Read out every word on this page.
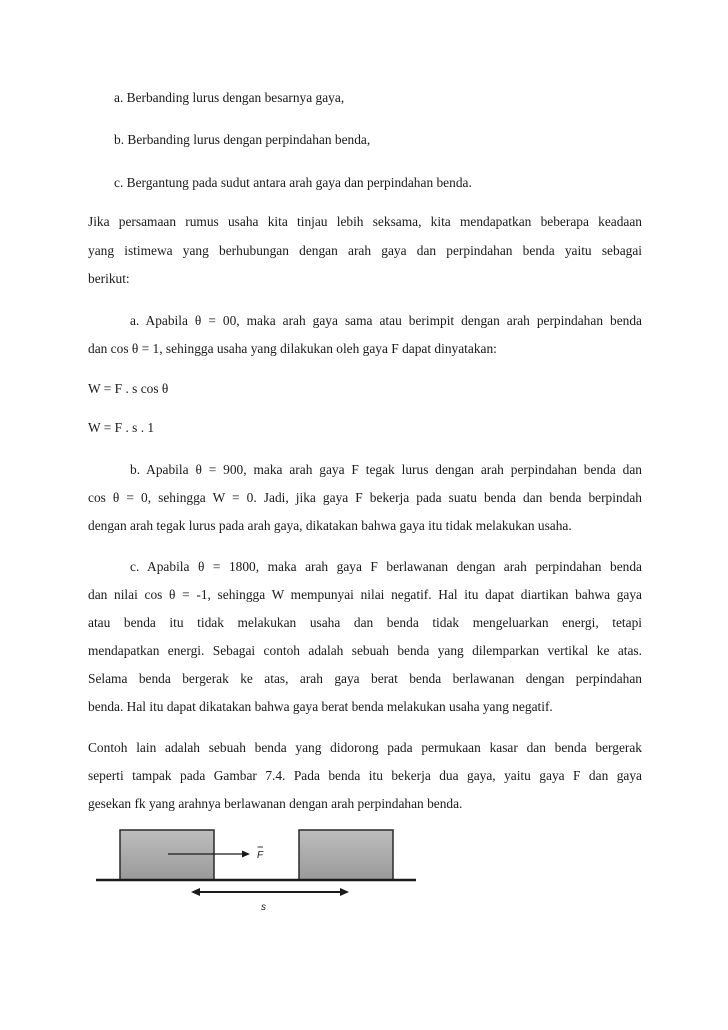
a. Berbanding lurus dengan besarnya gaya,
b. Berbanding lurus dengan perpindahan benda,
c. Bergantung pada sudut antara arah gaya dan perpindahan benda.
Jika persamaan rumus usaha kita tinjau lebih seksama, kita mendapatkan beberapa keadaan
yang istimewa yang berhubungan dengan arah gaya dan perpindahan benda yaitu sebagai
berikut:
a. Apabila θ = 00, maka arah gaya sama atau berimpit dengan arah perpindahan benda
dan cos θ = 1, sehingga usaha yang dilakukan oleh gaya F dapat dinyatakan:
W = F . s cos θ
W = F . s . 1
b. Apabila θ = 900, maka arah gaya F tegak lurus dengan arah perpindahan benda dan
cos θ = 0, sehingga W = 0. Jadi, jika gaya F bekerja pada suatu benda dan benda berpindah
dengan arah tegak lurus pada arah gaya, dikatakan bahwa gaya itu tidak melakukan usaha.
c. Apabila θ = 1800, maka arah gaya F berlawanan dengan arah perpindahan benda
dan nilai cos θ = -1, sehingga W mempunyai nilai negatif. Hal itu dapat diartikan bahwa gaya
atau benda itu tidak melakukan usaha dan benda tidak mengeluarkan energi, tetapi
mendapatkan energi. Sebagai contoh adalah sebuah benda yang dilemparkan vertikal ke atas.
Selama benda bergerak ke atas, arah gaya berat benda berlawanan dengan perpindahan
benda. Hal itu dapat dikatakan bahwa gaya berat benda melakukan usaha yang negatif.
Contoh lain adalah sebuah benda yang didorong pada permukaan kasar dan benda bergerak
seperti tampak pada Gambar 7.4. Pada benda itu bekerja dua gaya, yaitu gaya F dan gaya
gesekan fk yang arahnya berlawanan dengan arah perpindahan benda.
F
s
